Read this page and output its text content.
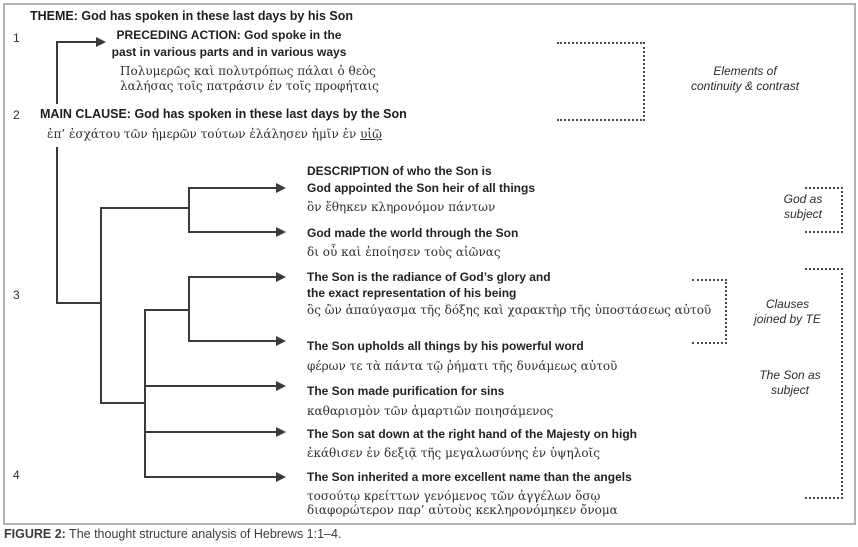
THEME: God has spoken in these last days by his Son
1
2
3
4
PRECEDING ACTION: God spoke in the
past in various parts and in various ways
Πολυμερῶς καὶ πολυτρόπως πάλαι ὁ θεὸς
λαλήσας τοῖς πατράσιν ἐν τοῖς προφήταις
MAIN CLAUSE: God has spoken in these last days by the Son
ἐπ’ ἐσχάτου τῶν ἡμερῶν τούτων ἐλάλησεν ἡμῖν ἐν υἱῷ
DESCRIPTION of who the Son is
God appointed the Son heir of all things
ὃν ἔθηκεν κληρονόμον πάντων
God made the world through the Son
δι οὗ καὶ ἐποίησεν τοὺς αἰῶνας
The Son is the radiance of God’s glory and
the exact representation of his being
ὃς ὢν ἀπαύγασμα τῆς δόξης καὶ χαρακτὴρ τῆς ὑποστάσεως αὐτοῦ
The Son upholds all things by his powerful word
φέρων τε τὰ πάντα τῷ ῥήματι τῆς δυνάμεως αὐτοῦ
The Son made purification for sins
καθαρισμὸν τῶν ἁμαρτιῶν ποιησάμενος
The Son sat down at the right hand of the Majesty on high
ἐκάθισεν ἐν δεξιᾷ τῆς μεγαλωσύνης ἐν ὑψηλοῖς
The Son inherited a more excellent name than the angels
τοσούτῳ κρείττων γενόμενος τῶν ἀγγέλων ὅσῳ
διαφορώτερον παρ’ αὐτοὺς κεκληρονόμηκεν ὄνομα
Elements of
continuity & contrast
God as
subject
Clauses
joined by TE
The Son as
subject
FIGURE 2: The thought structure analysis of Hebrews 1:1–4.
